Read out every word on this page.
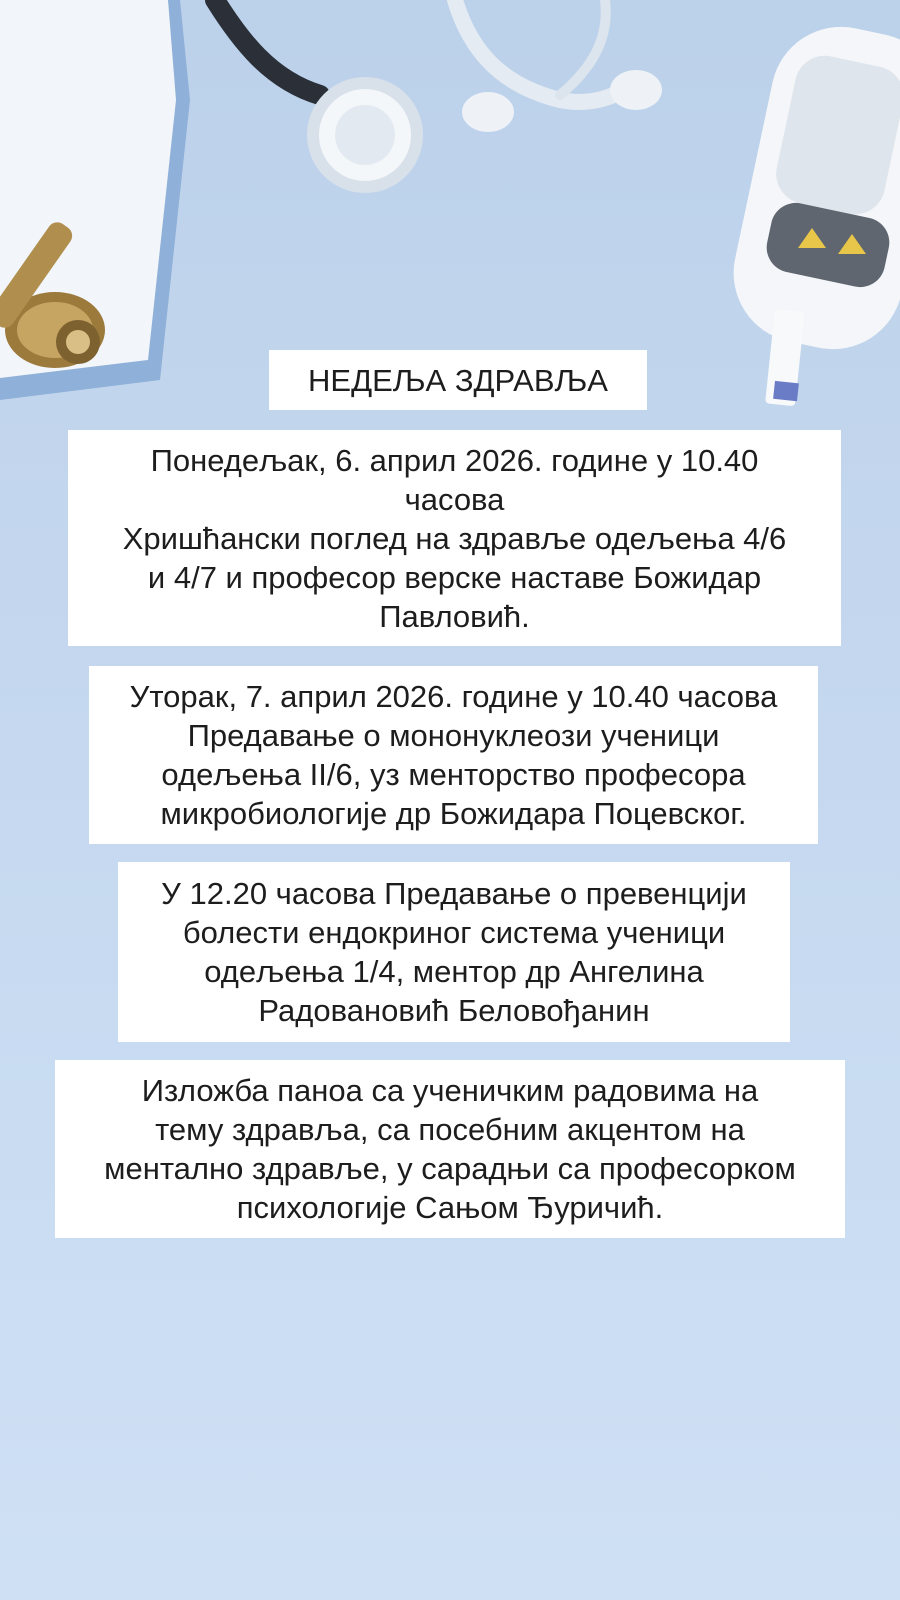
НЕДЕЉА ЗДРАВЉА
Понедељак, 6. април 2026. године у 10.40
часова
Хришћански поглед на здравље одељења 4/6
и 4/7 и професор верске наставе Божидар
Павловић.
Уторак, 7. април 2026. године у 10.40 часова
Предавање о мононуклеози ученици
одељења II/6, уз менторство професора
микробиологије др Божидара Поцевског.
У 12.20 часова Предавање о превенцији
болести ендокриног система ученици
одељења 1/4, ментор др Ангелина
Радовановић Беловођанин
Изложба паноа са ученичким радовима на
тему здравља, са посебним акцентом на
ментално здравље, у сарадњи са професорком
психологије Сањом Ђуричић.
